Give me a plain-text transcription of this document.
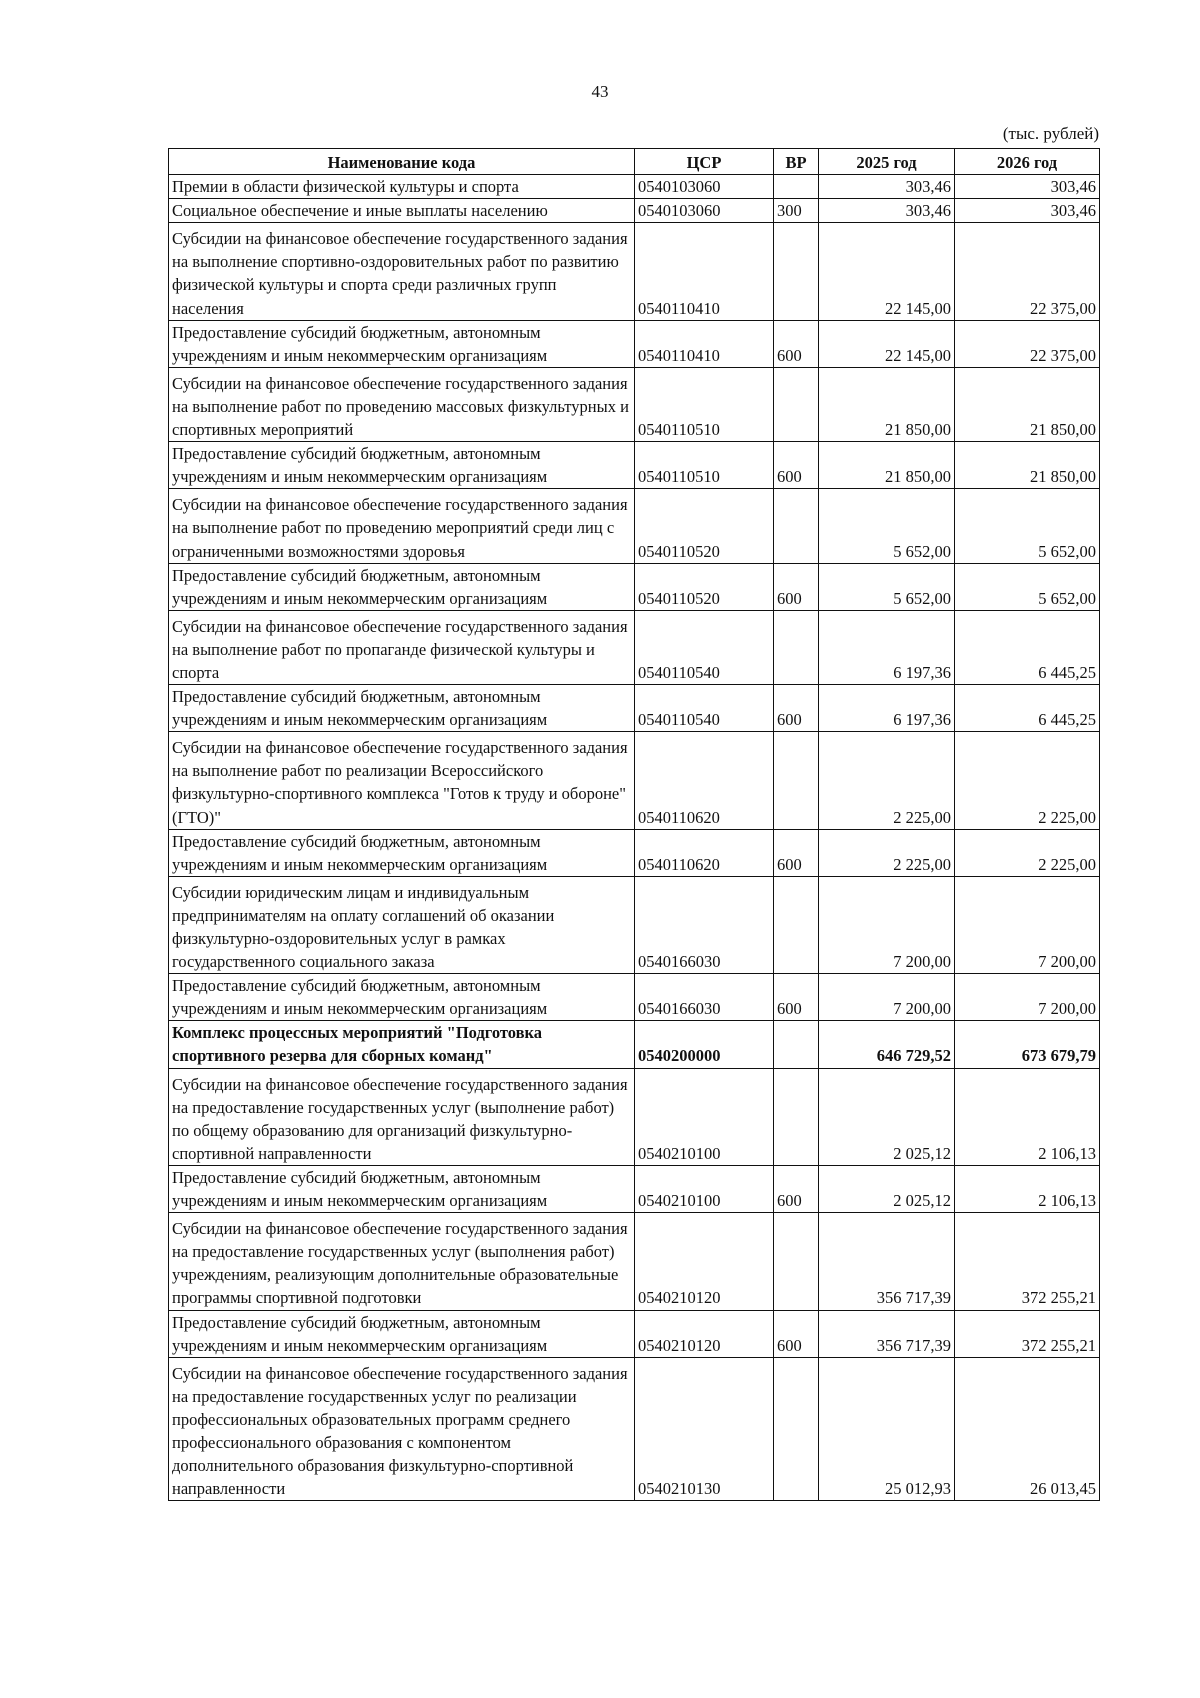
43
(тыс. рублей)
Наименование кода	ЦСР	ВР	2025 год	2026 год
Премии в области физической культуры и спорта	0540103060		303,46	303,46
Социальное обеспечение и иные выплаты населению	0540103060	300	303,46	303,46
Субсидии на финансовое обеспечение государственного задания на выполнение спортивно-оздоровительных работ по развитию физической культуры и спорта среди различных групп населения	0540110410		22 145,00	22 375,00
Предоставление субсидий бюджетным, автономным учреждениям и иным некоммерческим организациям	0540110410	600	22 145,00	22 375,00
Субсидии на финансовое обеспечение государственного задания на выполнение работ по проведению массовых физкультурных и спортивных мероприятий	0540110510		21 850,00	21 850,00
Предоставление субсидий бюджетным, автономным учреждениям и иным некоммерческим организациям	0540110510	600	21 850,00	21 850,00
Субсидии на финансовое обеспечение государственного задания на выполнение работ по проведению мероприятий среди лиц с ограниченными возможностями здоровья	0540110520		5 652,00	5 652,00
Предоставление субсидий бюджетным, автономным учреждениям и иным некоммерческим организациям	0540110520	600	5 652,00	5 652,00
Субсидии на финансовое обеспечение государственного задания на выполнение работ по пропаганде физической культуры и спорта	0540110540		6 197,36	6 445,25
Предоставление субсидий бюджетным, автономным учреждениям и иным некоммерческим организациям	0540110540	600	6 197,36	6 445,25
Субсидии на финансовое обеспечение государственного задания на выполнение работ по реализации Всероссийского физкультурно-спортивного комплекса "Готов к труду и обороне" (ГТО)"	0540110620		2 225,00	2 225,00
Предоставление субсидий бюджетным, автономным учреждениям и иным некоммерческим организациям	0540110620	600	2 225,00	2 225,00
Субсидии юридическим лицам и индивидуальным предпринимателям на оплату соглашений об оказании физкультурно-оздоровительных услуг в рамках государственного социального заказа	0540166030		7 200,00	7 200,00
Предоставление субсидий бюджетным, автономным учреждениям и иным некоммерческим организациям	0540166030	600	7 200,00	7 200,00
Комплекс процессных мероприятий "Подготовка спортивного резерва для сборных команд"	0540200000		646 729,52	673 679,79
Субсидии на финансовое обеспечение государственного задания на предоставление государственных услуг (выполнение работ) по общему образованию для организаций физкультурно-спортивной направленности	0540210100		2 025,12	2 106,13
Предоставление субсидий бюджетным, автономным учреждениям и иным некоммерческим организациям	0540210100	600	2 025,12	2 106,13
Субсидии на финансовое обеспечение государственного задания на предоставление государственных услуг (выполнения работ) учреждениям, реализующим дополнительные образовательные программы спортивной подготовки	0540210120		356 717,39	372 255,21
Предоставление субсидий бюджетным, автономным учреждениям и иным некоммерческим организациям	0540210120	600	356 717,39	372 255,21
Субсидии на финансовое обеспечение государственного задания на предоставление государственных услуг по реализации профессиональных образовательных программ среднего профессионального образования с компонентом дополнительного образования физкультурно-спортивной направленности	0540210130		25 012,93	26 013,45
